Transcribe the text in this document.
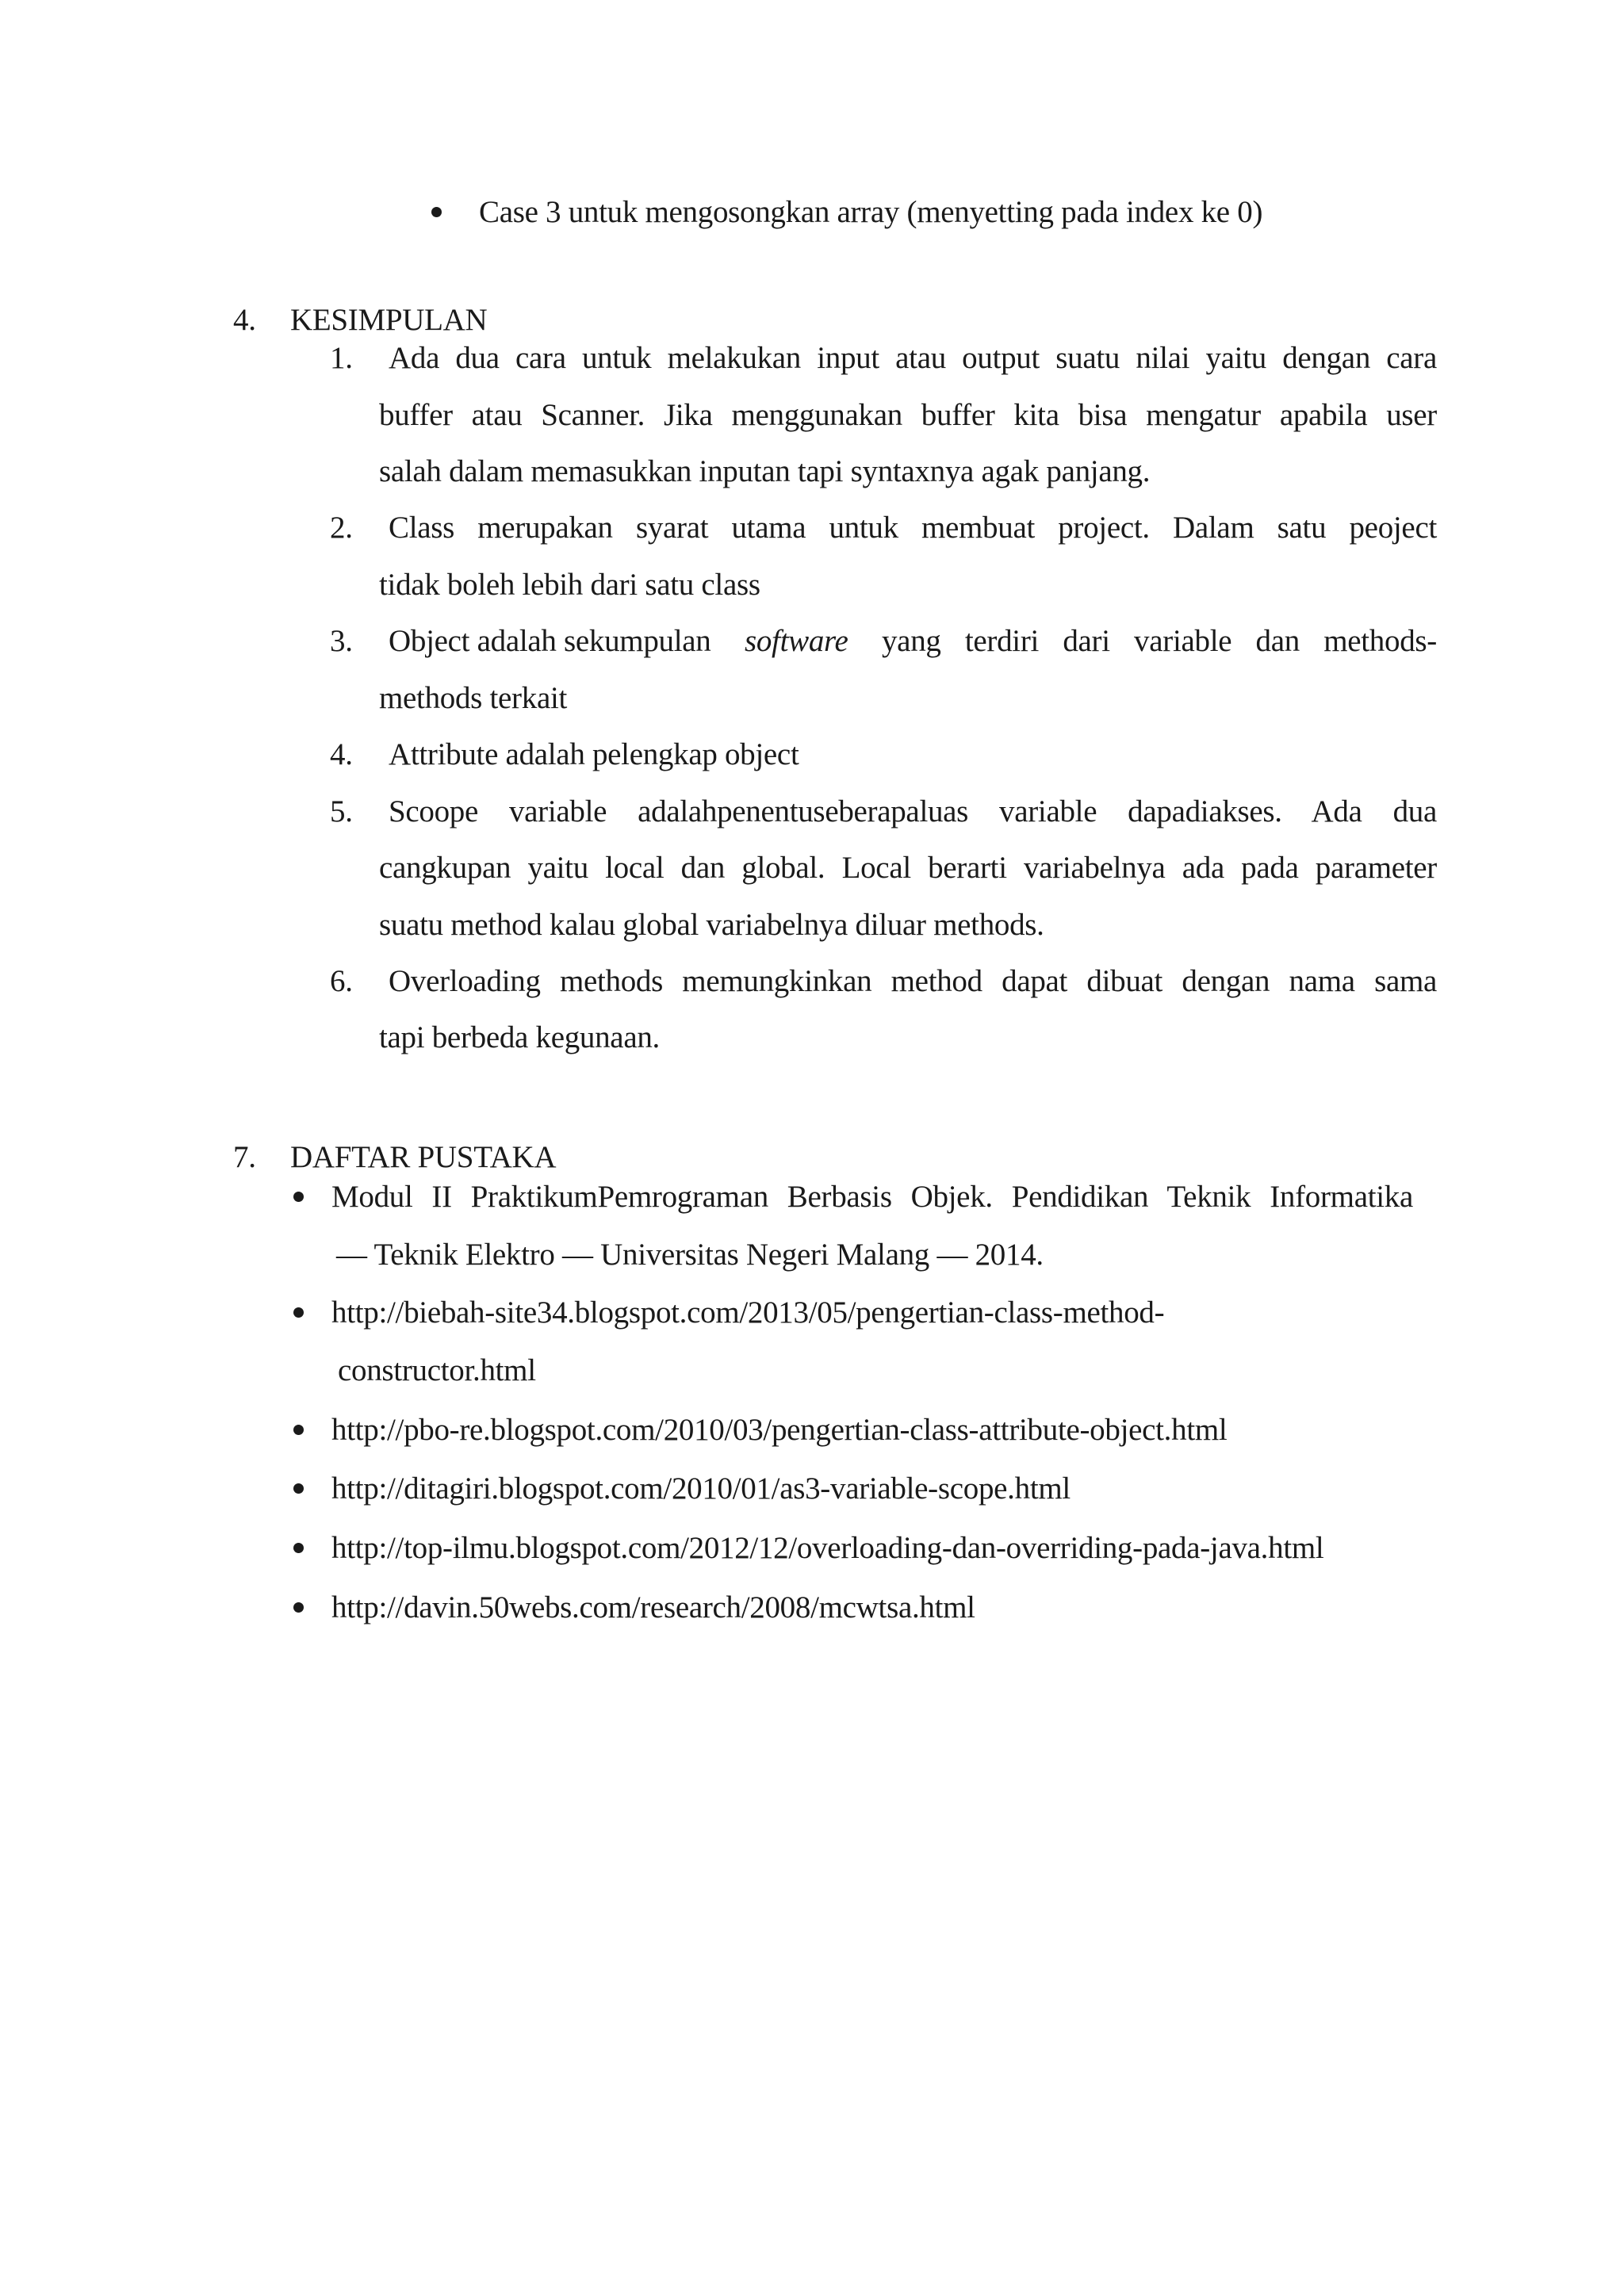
Case 3 untuk mengosongkan array (menyetting pada index ke 0)
4. KESIMPULAN
1. Ada dua cara untuk melakukan input atau output suatu nilai yaitu dengan cara
buffer atau Scanner. Jika menggunakan buffer kita bisa mengatur apabila user
salah dalam memasukkan inputan tapi syntaxnya agak panjang.
2. Class merupakan syarat utama untuk membuat project. Dalam satu peoject
tidak boleh lebih dari satu class
3. Object adalah sekumpulan software yang terdiri dari variable dan methods-
methods terkait
4. Attribute adalah pelengkap object
5. Scoope variable adalahpenentuseberapaluas variable dapadiakses. Ada dua
cangkupan yaitu local dan global. Local berarti variabelnya ada pada parameter
suatu method kalau global variabelnya diluar methods.
6. Overloading methods memungkinkan method dapat dibuat dengan nama sama
tapi berbeda kegunaan.
7. DAFTAR PUSTAKA
Modul II PraktikumPemrograman Berbasis Objek. Pendidikan Teknik Informatika
— Teknik Elektro — Universitas Negeri Malang — 2014.
http://biebah-site34.blogspot.com/2013/05/pengertian-class-method-
constructor.html
http://pbo-re.blogspot.com/2010/03/pengertian-class-attribute-object.html
http://ditagiri.blogspot.com/2010/01/as3-variable-scope.html
http://top-ilmu.blogspot.com/2012/12/overloading-dan-overriding-pada-java.html
http://davin.50webs.com/research/2008/mcwtsa.html
